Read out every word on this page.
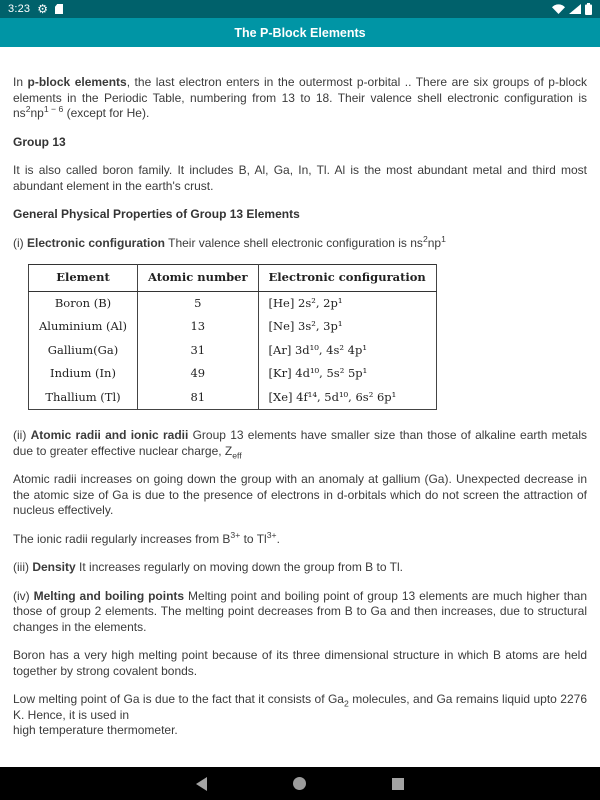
3:23 ⚙
The P-Block Elements

In p-block elements, the last electron enters in the outermost p-orbital .. There are six groups of p-block elements in the Periodic Table, numbering from 13 to 18. Their valence shell electronic configuration is $ns^2np^{1 - 6}$ (except for He).

Group 13

It is also called boron family. It includes B, Al, Ga, In, Tl. Al is the most abundant metal and third most abundant element in the earth's crust.

General Physical Properties of Group 13 Elements

(i) Electronic configuration Their valence shell electronic configuration is $ns^2np^1$

Element	Atomic number	Electronic configuration
Boron (B)	5	[He] 2s², 2p¹
Aluminium (Al)	13	[Ne] 3s², 3p¹
Gallium(Ga)	31	[Ar] 3d¹⁰, 4s² 4p¹
Indium (In)	49	[Kr] 4d¹⁰, 5s² 5p¹
Thallium (Tl)	81	[Xe] 4f¹⁴, 5d¹⁰, 6s² 6p¹

(ii) Atomic radii and ionic radii Group 13 elements have smaller size than those of alkaline earth metals due to greater effective nuclear charge, $Z_{eff}$

Atomic radii increases on going down the group with an anomaly at gallium (Ga). Unexpected decrease in the atomic size of Ga is due to the presence of electrons in d-orbitals which do not screen the attraction of nucleus effectively.

The ionic radii regularly increases from $B^{3+}$ to $Tl^{3+}$.

(iii) Density It increases regularly on moving down the group from B to Tl.

(iv) Melting and boiling points Melting point and boiling point of group 13 elements are much higher than those of group 2 elements. The melting point decreases from B to Ga and then increases, due to structural changes in the elements.

Boron has a very high melting point because of its three dimensional structure in which B atoms are held together by strong covalent bonds.

Low melting point of Ga is due to the fact that it consists of $Ga_2$ molecules, and Ga remains liquid upto 2276 K. Hence, it is used in
high temperature thermometer.
